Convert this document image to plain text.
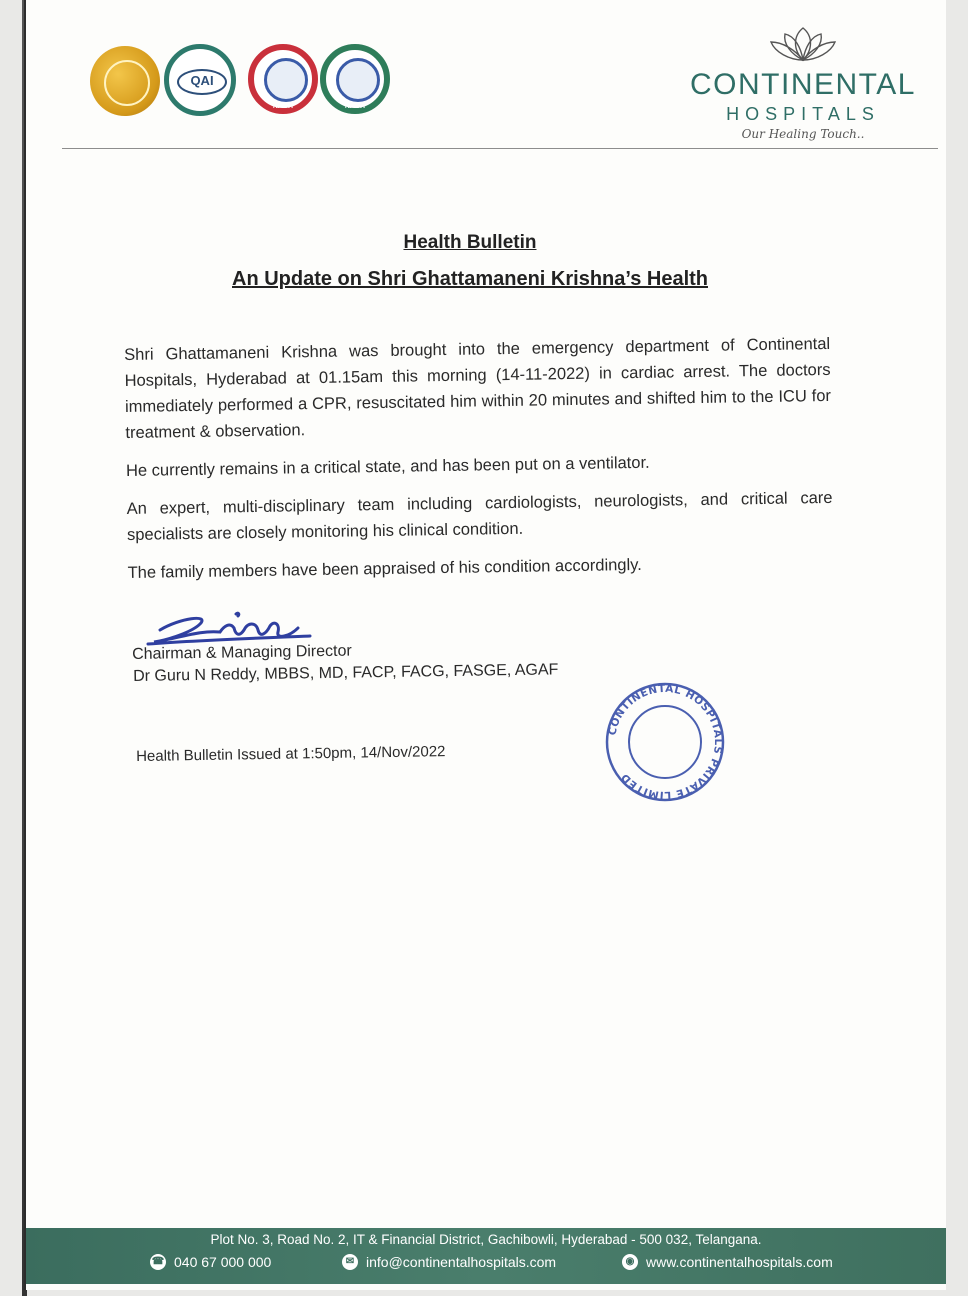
QAI
NABH	NABH
CONTINENTAL
HOSPITALS
Our Healing Touch..
Health Bulletin
An Update on Shri Ghattamaneni Krishna’s Health

Shri Ghattamaneni Krishna was brought into the emergency department of Continental Hospitals, Hyderabad at 01.15am this morning (14-11-2022) in cardiac arrest. The doctors immediately performed a CPR, resuscitated him within 20 minutes and shifted him to the ICU for treatment & observation.

He currently remains in a critical state, and has been put on a ventilator.

An expert, multi-disciplinary team including cardiologists, neurologists, and critical care specialists are closely monitoring his clinical condition.

The family members have been appraised of his condition accordingly.

Chairman & Managing Director
Dr Guru N Reddy, MBBS, MD, FACP, FACG, FASGE, AGAF
CONTINENTAL HOSPITALS PRIVATE LIMITED
Health Bulletin Issued at 1:50pm, 14/Nov/2022
Plot No. 3, Road No. 2, IT & Financial District, Gachibowli, Hyderabad - 500 032, Telangana.
☎ 040 67 000 000	✉ info@continentalhospitals.com	◉ www.continentalhospitals.com
